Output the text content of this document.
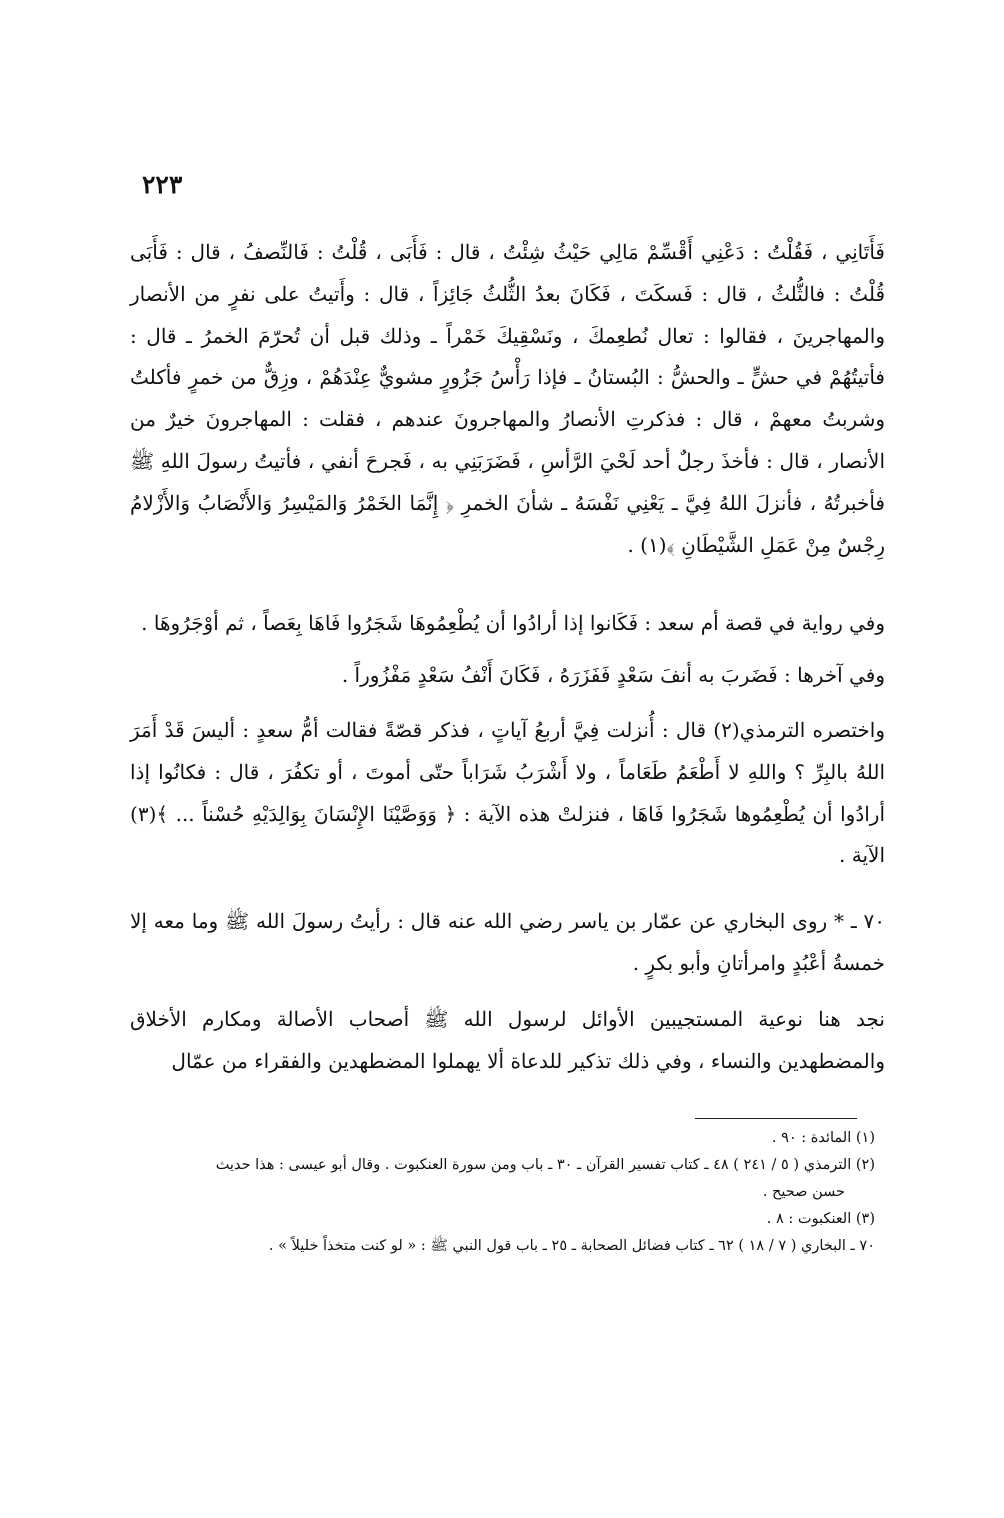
٢٢٣
فَأَتَانِي ، فَقُلْتُ : دَعْنِي أَقْسِّمْ مَالِي حَيْثُ شِئْتُ ، قال : فَأَبَى ، قُلْتُ : فَالنِّصفُ ، قال : فَأَبَى قُلْتُ : فالثُّلثُ ، قال : فَسكَتَ ، فَكَانَ بعدُ الثُّلثُ جَائِزاً ، قال : وأَتيتُ على نفرٍ من الأنصار والمهاجرينَ ، فقالوا : تعال نُطعِمكَ ، ونَسْقِيكَ خَمْراً ـ وذلك قبل أن تُحرّمَ الخمرُ ـ قال : فأتيتُهُمْ في حشٍّ ـ والحشُّ : البُستانُ ـ فإذا رَأْسُ جَزُورٍ مشويٌّ عِنْدَهُمْ ، وزِقٌّ من خمرٍ فأكلتُ وشربتُ معهمْ ، قال : فذكرتِ الأنصارُ والمهاجرونَ عندهم ، فقلت : المهاجرونَ خيرٌ من الأنصار ، قال : فأخذَ رجلٌ أحد لَحْيَ الرَّأسِ ، فَضَرَبَنِي به ، فَجرحَ أنفي ، فأتيتُ رسولَ اللهِ ﷺ فأخبرتُهُ ، فأنزلَ اللهُ فِيَّ ـ يَعْنِي نَفْسَهُ ـ شأنَ الخمرِ ﴿ إِنَّمَا الخَمْرُ وَالمَيْسِرُ وَالأَنْصَابُ وَالأَزْلامُ رِجْسٌ مِنْ عَمَلِ الشَّيْطَانِ ﴾(١) .
وفي رواية في قصة أم سعد : فَكَانوا إذا أرادُوا أن يُطْعِمُوهَا شَجَرُوا فَاهَا بِعَصاً ، ثم أوْجَرُوهَا .
وفي آخرها : فَضَربَ به أنفَ سَعْدٍ فَفَزَرَهُ ، فَكَانَ أَنْفُ سَعْدٍ مَفْزُوراً .
واختصره الترمذي(٢) قال : أُنزلت فِيَّ أربعُ آياتٍ ، فذكر قصّةً فقالت أمُّ سعدٍ : أليسَ قَدْ أَمَرَ اللهُ بالبِرِّ ؟ واللهِ لا أَطْعَمُ طَعَاماً ، ولا أَشْرَبُ شَرَاباً حتّى أموتَ ، أو تكفُرَ ، قال : فكانُوا إذا أرادُوا أن يُطْعِمُوها شَجَرُوا فَاهَا ، فنزلتْ هذه الآية : ﴿ وَوَصَّيْنَا الإِنْسَانَ بِوَالِدَيْهِ حُسْناً ... ﴾(٣) الآية .
٧٠ ـ * روى البخاري عن عمّار بن ياسر رضي الله عنه قال : رأيتُ رسولَ الله ﷺ وما معه إلا خمسةُ أعْبُدٍ وامرأتانِ وأبو بكرٍ .
نجد هنا نوعية المستجيبين الأوائل لرسول الله ﷺ أصحاب الأصالة ومكارم الأخلاق والمضطهدين والنساء ، وفي ذلك تذكير للدعاة ألا يهملوا المضطهدين والفقراء من عمّال

(١) المائدة : ٩٠ .

(٢) الترمذي ( ٥ / ٢٤١ ) ٤٨ ـ كتاب تفسير القرآن ـ ٣٠ ـ باب ومن سورة العنكبوت . وقال أبو عيسى : هذا حديث

حسن صحيح .

(٣) العنكبوت : ٨ .

٧٠ ـ البخاري ( ٧ / ١٨ ) ٦٢ ـ كتاب فضائل الصحابة ـ ٢٥ ـ باب قول النبي ﷺ : « لو كنت متخذاً خليلاً » .
